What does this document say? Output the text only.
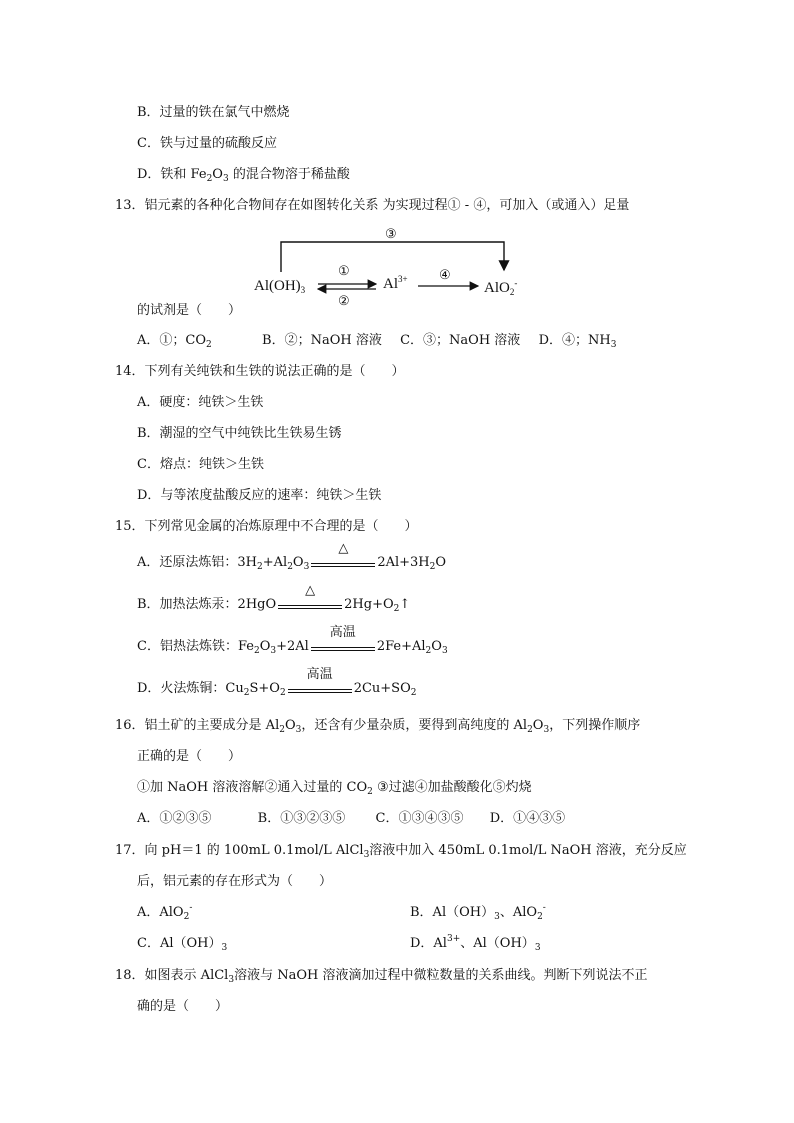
B．过量的铁在氯气中燃烧
C．铁与过量的硫酸反应
D．铁和 $Fe_2O_3$ 的混合物溶于稀盐酸
13．铝元素的各种化合物间存在如图转化关系 为实现过程① - ④，可加入（或通入）足量
③
①
②
④
$Al(OH)_3$	$Al^{3+}$
AlO$_2$-
的试剂是（　　）
A．①；$CO_2$	B．②；NaOH 溶液 C．③；NaOH 溶液 D．④；$NH_3$
14．下列有关纯铁和生铁的说法正确的是（　　）
A．硬度：纯铁＞生铁
B．潮湿的空气中纯铁比生铁易生锈
C．熔点：纯铁＞生铁
D．与等浓度盐酸反应的速率：纯铁＞生铁
15．下列常见金属的冶炼原理中不合理的是（　　）
A．还原法炼铝：$3H_2+Al_2O_3$
△
$2Al+3H_2O$
B．加热法炼汞：2HgO
△
$2Hg+O_2↑$
C．铝热法炼铁：$Fe_2O_3+2Al$
高温
$2Fe+Al_2O_3$
D．火法炼铜：$Cu_2S+O_2$
高温
$2Cu+SO_2$
16．铝土矿的主要成分是 $Al_2O_3$，还含有少量杂质，要得到高纯度的 $Al_2O_3$，下列操作顺序
正确的是（　　）
①加 NaOH 溶液溶解②通入过量的 $CO_2$ ③过滤④加盐酸酸化⑤灼烧
A．①②③⑤	B．①③②③⑤ C．①③④③⑤ D．①④③⑤
17．向 pH＝1 的 100mL 0.1mol/L AlCl$_3$溶液中加入 450mL 0.1mol/L NaOH 溶液，充分反应
后，铝元素的存在形式为（　　）
A．AlO$_2$-	B．$Al(OH)_3$、AlO$_2$-
C．$Al(OH)_3$	D．$Al^{3+}$、$Al(OH)_3$
18．如图表示 AlCl$_3$溶液与 NaOH 溶液滴加过程中微粒数量的关系曲线。判断下列说法不正
确的是（　　）
